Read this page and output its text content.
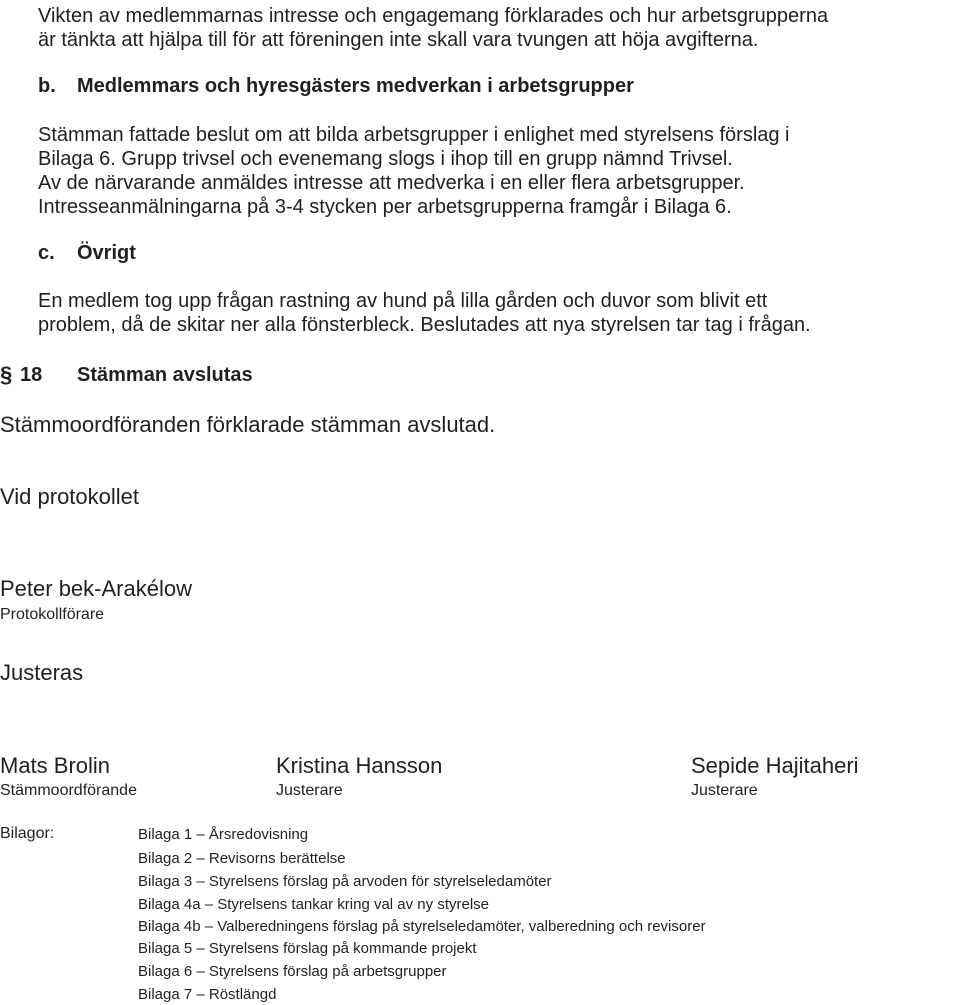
Vikten av medlemmarnas intresse och engagemang förklarades och hur arbetsgrupperna
är tänkta att hjälpa till för att föreningen inte skall vara tvungen att höja avgifterna.
b. Medlemmars och hyresgästers medverkan i arbetsgrupper
Stämman fattade beslut om att bilda arbetsgrupper i enlighet med styrelsens förslag i
Bilaga 6. Grupp trivsel och evenemang slogs i ihop till en grupp nämnd Trivsel.
Av de närvarande anmäldes intresse att medverka i en eller flera arbetsgrupper.
Intresseanmälningarna på 3-4 stycken per arbetsgrupperna framgår i Bilaga 6.
c. Övrigt
En medlem tog upp frågan rastning av hund på lilla gården och duvor som blivit ett
problem, då de skitar ner alla fönsterbleck. Beslutades att nya styrelsen tar tag i frågan.
§ 18 Stämman avslutas
Stämmoordföranden förklarade stämman avslutad.
Vid protokollet
Peter bek-Arakélow
Protokollförare
Justeras
Mats Brolin
Stämmoordförande
Kristina Hansson
Justerare
Sepide Hajitaheri
Justerare
Bilagor:	Bilaga 1 – Årsredovisning
Bilaga 2 – Revisorns berättelse
Bilaga 3 – Styrelsens förslag på arvoden för styrelseledamöter
Bilaga 4a – Styrelsens tankar kring val av ny styrelse
Bilaga 4b – Valberedningens förslag på styrelseledamöter, valberedning och revisorer
Bilaga 5 – Styrelsens förslag på kommande projekt
Bilaga 6 – Styrelsens förslag på arbetsgrupper
Bilaga 7 – Röstlängd
